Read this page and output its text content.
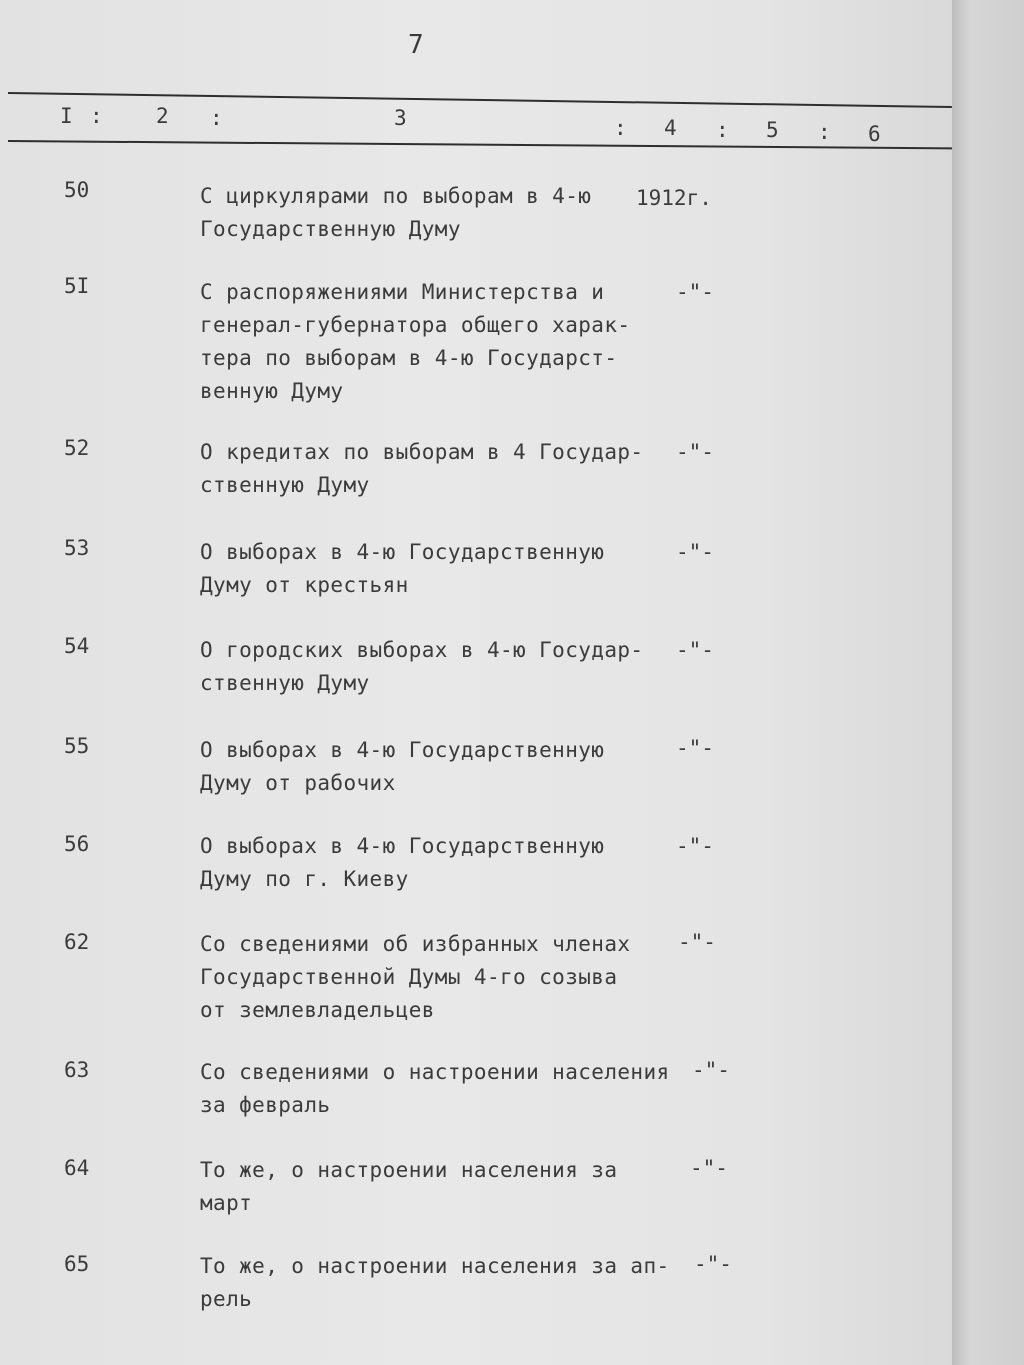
7
I :	2 :	3	: 4 : 5 : 6
50	С циркулярами по выборам в 4-ю
Государственную Думу
1912г.
5I	С распоряжениями Министерства и
генерал-губернатора общего харак-
тера по выборам в 4-ю Государст-
венную Думу
-"-
52	О кредитах по выборам в 4 Государ-
ственную Думу
-"-
53	О выборах в 4-ю Государственную
Думу от крестьян
-"-
54	О городских выборах в 4-ю Государ-
ственную Думу
-"-
55	О выборах в 4-ю Государственную
Думу от рабочих
-"-
56	О выборах в 4-ю Государственную
Думу по г. Киеву
-"-
62	Со сведениями об избранных членах
Государственной Думы 4-го созыва
от землевладельцев
-"-
63	Со сведениями о настроении населения
за февраль
-"-
64	То же, о настроении населения за
март
-"-
65	То же, о настроении населения за ап-
рель
-"-
